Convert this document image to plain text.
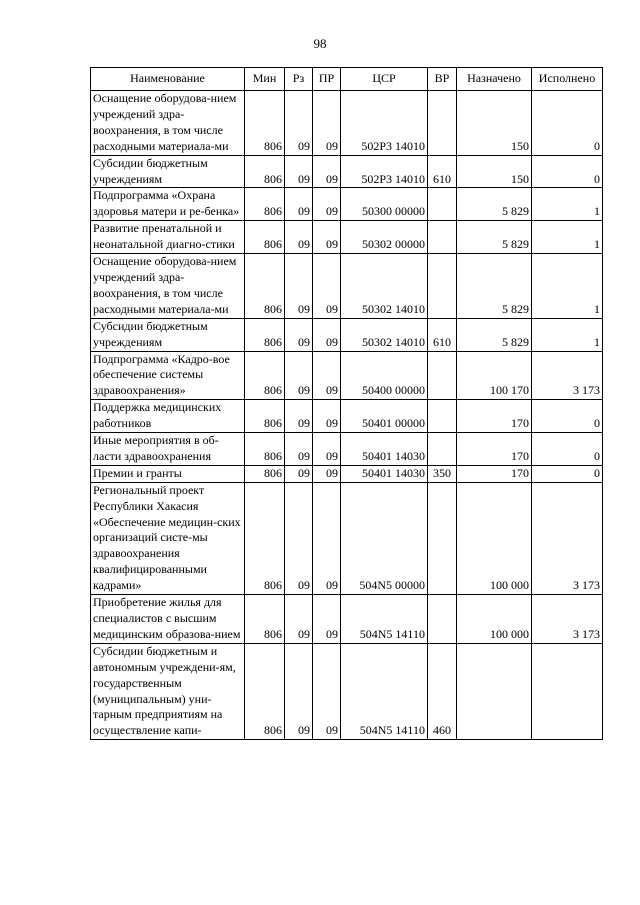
98
Наименование	Мин	Рз	ПР	ЦСР	ВР	Назначено	Исполнено
Оснащение оборудова-нием учреждений здра-воохранения, в том числе расходными материала-ми	806	09	09	502Р3 14010		150	0
Субсидии бюджетным учреждениям	806	09	09	502Р3 14010	610	150	0
Подпрограмма «Охрана здоровья матери и ре-бенка»	806	09	09	50300 00000		5 829	1
Развитие пренатальной и неонатальной диагно-стики	806	09	09	50302 00000		5 829	1
Оснащение оборудова-нием учреждений здра-воохранения, в том числе расходными материала-ми	806	09	09	50302 14010		5 829	1
Субсидии бюджетным учреждениям	806	09	09	50302 14010	610	5 829	1
Подпрограмма «Кадро-вое обеспечение системы здравоохранения»	806	09	09	50400 00000		100 170	3 173
Поддержка медицинских работников	806	09	09	50401 00000		170	0
Иные мероприятия в об-ласти здравоохранения	806	09	09	50401 14030		170	0
Премии и гранты	806	09	09	50401 14030	350	170	0
Региональный проект Республики Хакасия «Обеспечение медицин-ских организаций систе-мы здравоохранения квалифицированными кадрами»	806	09	09	504N5 00000		100 000	3 173
Приобретение жилья для специалистов с высшим медицинским образова-нием	806	09	09	504N5 14110		100 000	3 173
Субсидии бюджетным и автономным учреждени-ям, государственным (муниципальным) уни-тарным предприятиям на осуществление капи-	806	09	09	504N5 14110	460		
